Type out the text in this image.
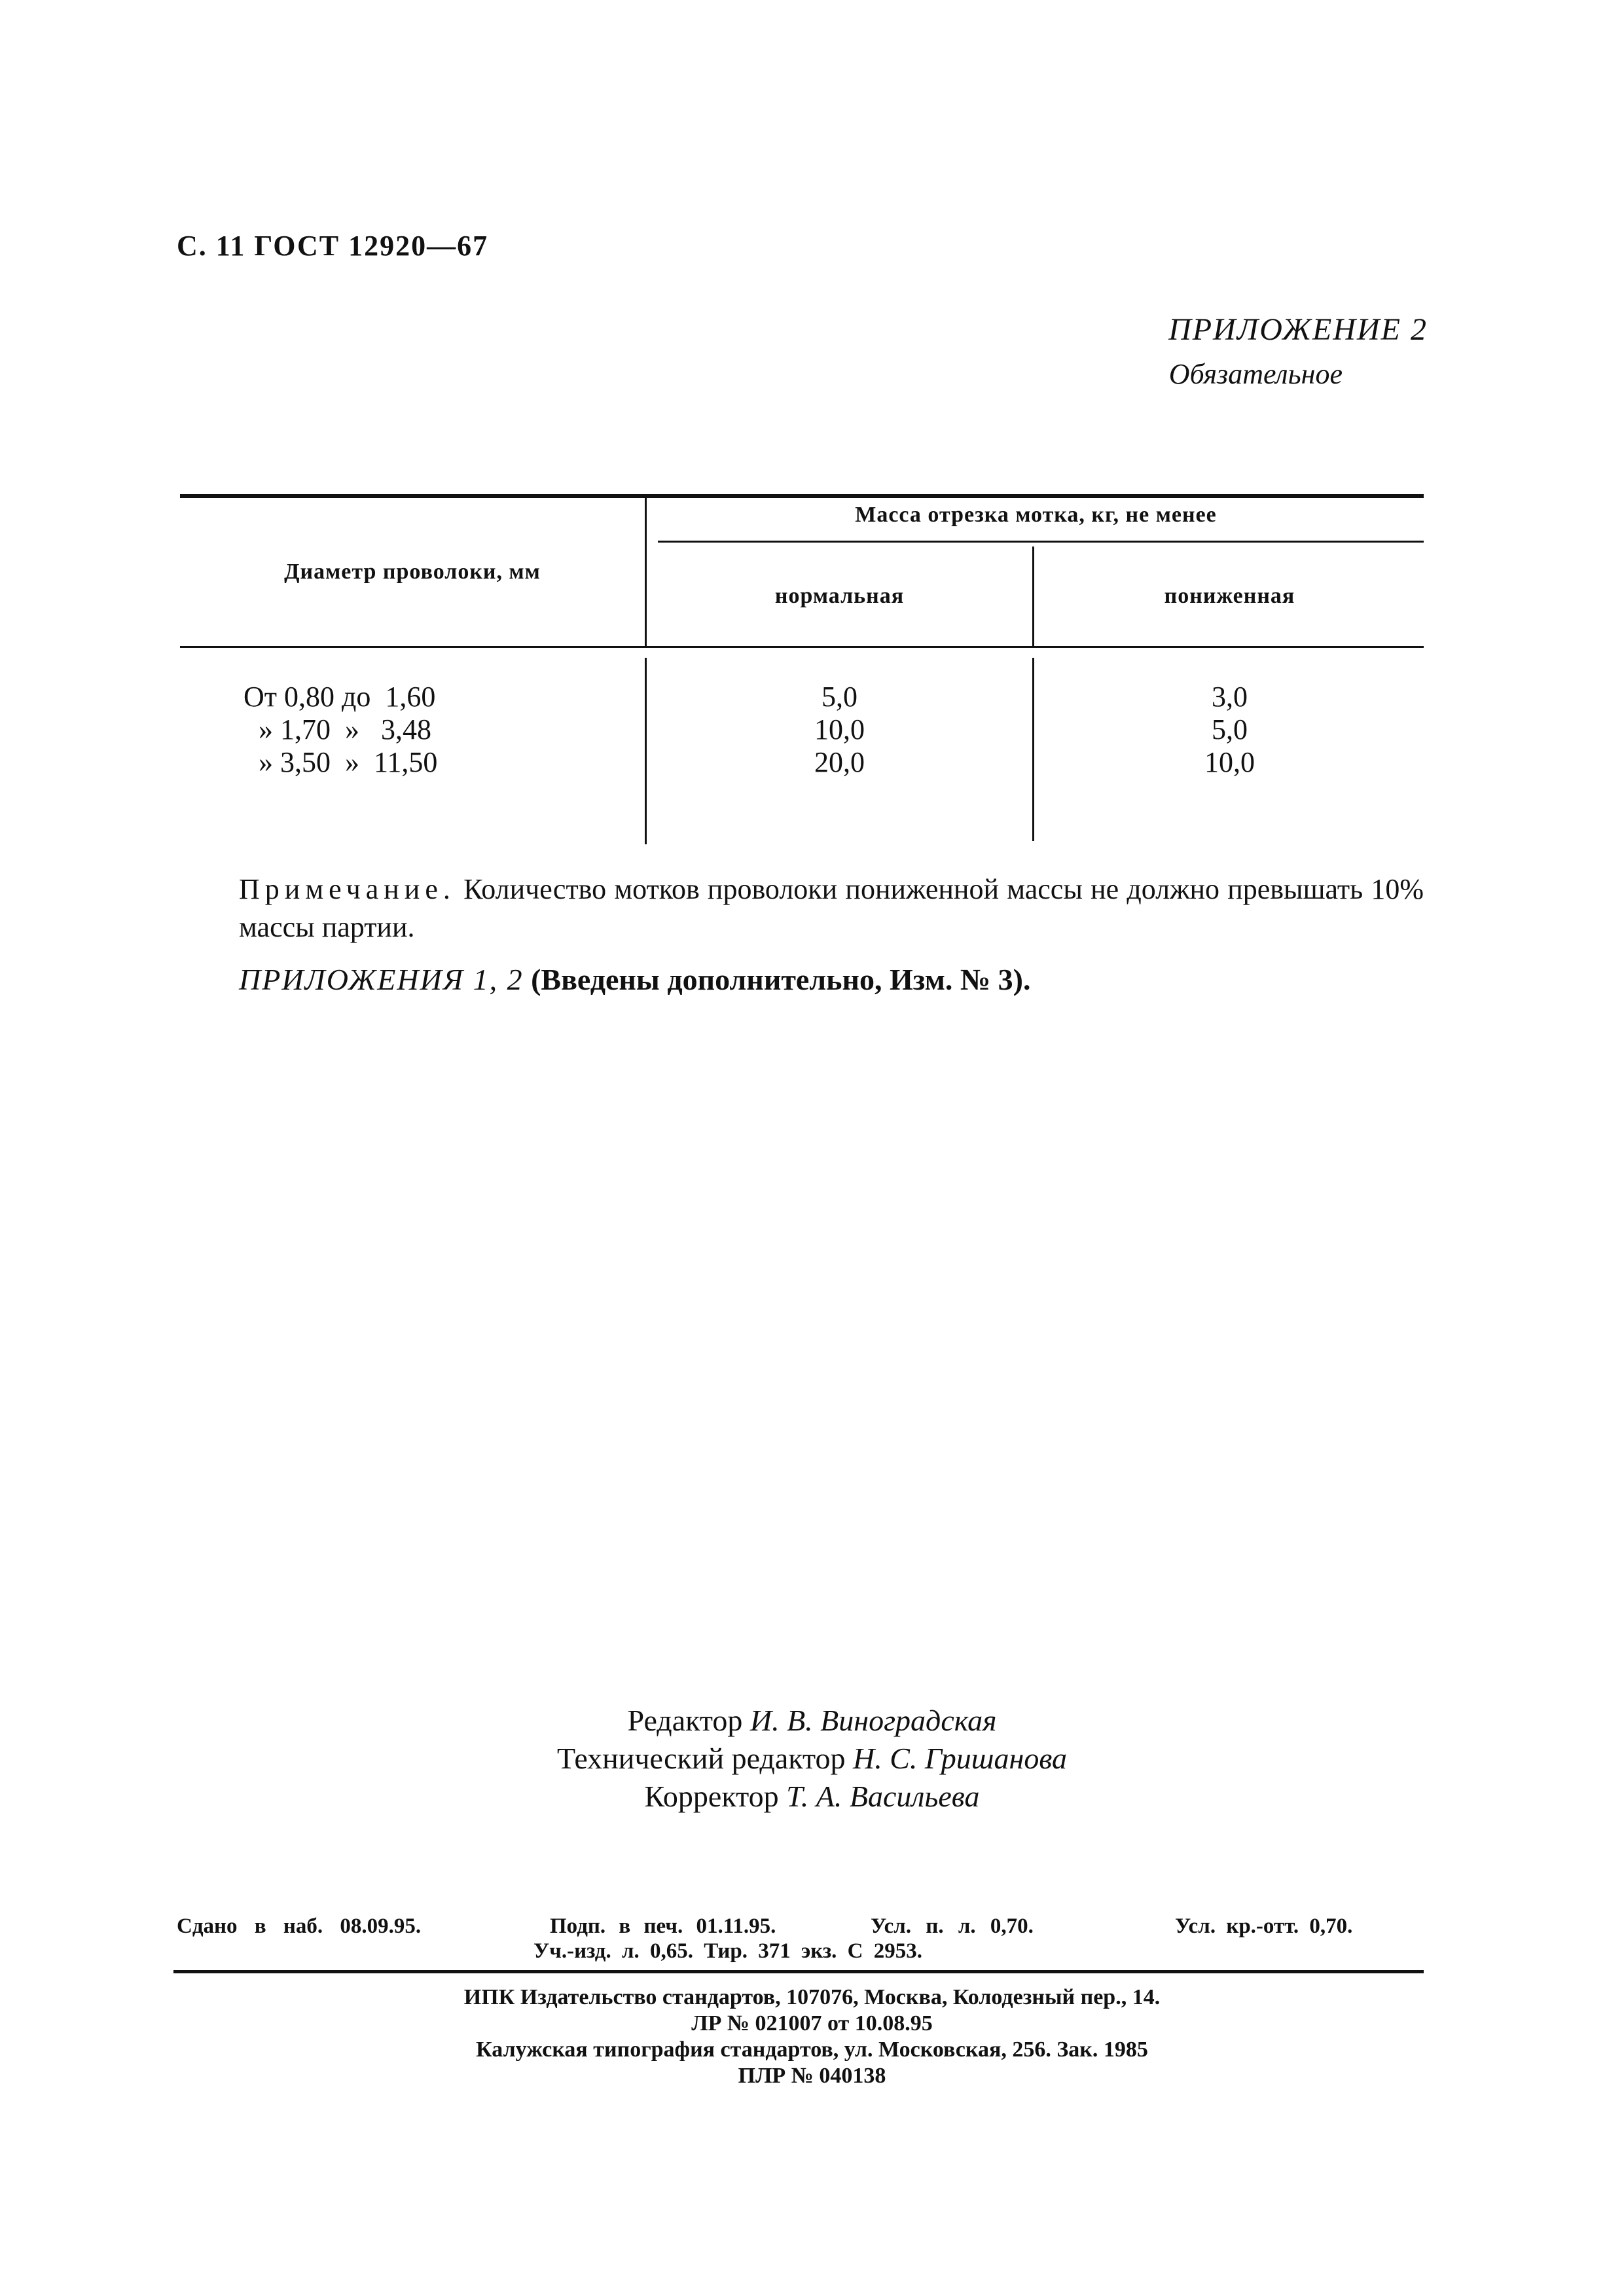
С. 11 ГОСТ 12920—67
ПРИЛОЖЕНИЕ 2
Обязательное
Диаметр проволоки, мм
Масса отрезка мотка, кг, не менее
нормальная	пониженная
От 0,80 до  1,60	5,0	3,0
» 1,70  »   3,48	10,0	5,0
» 3,50  »  11,50	20,0	10,0
Примечание. Количество мотков проволоки пониженной массы не должно превышать 10% массы партии.
ПРИЛОЖЕНИЯ 1, 2 (Введены дополнительно, Изм. № 3).
Редактор И. В. Виноградская
Технический редактор Н. С. Гришанова
Корректор Т. А. Васильева
Сдано в наб. 08.09.95.	Подп. в печ. 01.11.95.	Усл. п. л. 0,70.	Усл. кр.-отт. 0,70.
Уч.-изд. л. 0,65. Тир. 371 экз. С 2953.
ИПК Издательство стандартов, 107076, Москва, Колодезный пер., 14.
ЛР № 021007 от 10.08.95
Калужская типография стандартов, ул. Московская, 256. Зак. 1985
ПЛР № 040138
